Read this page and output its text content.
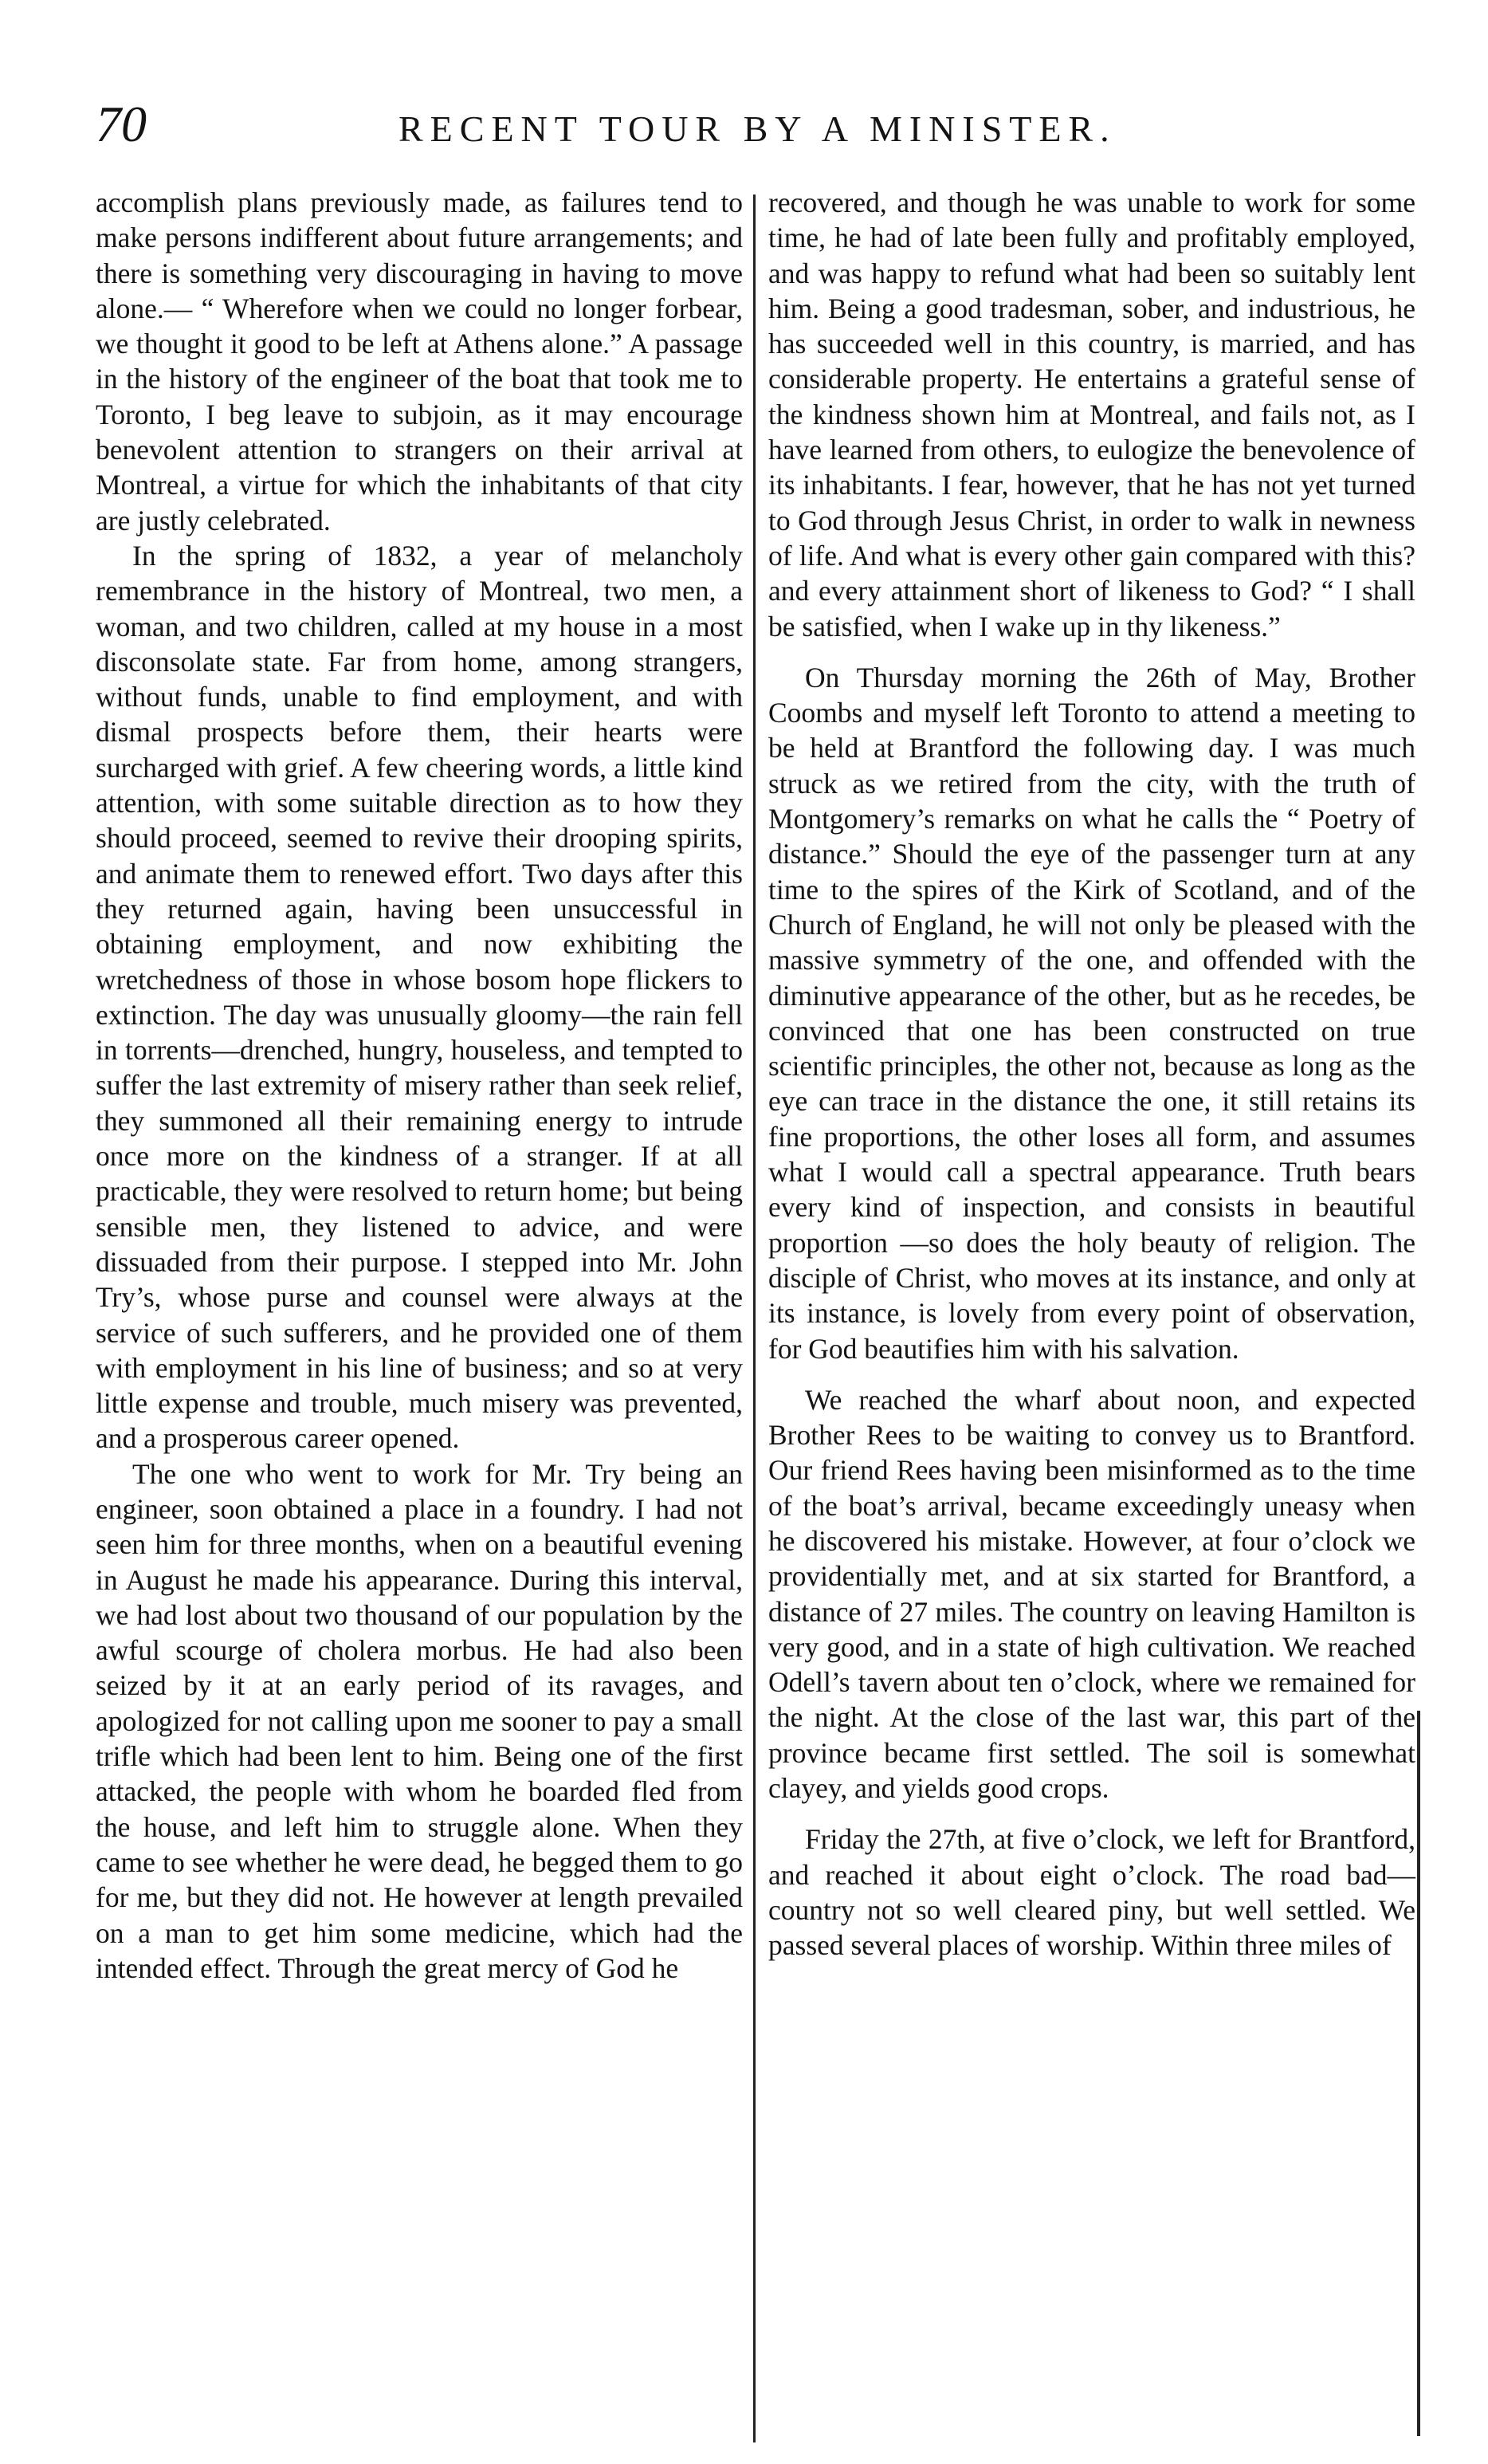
70	RECENT TOUR BY A MINISTER.

accomplish plans previously made, as failures tend to make persons indifferent about future arrangements; and there is something very discouraging in having to move alone.— “ Wherefore when we could no longer forbear, we thought it good to be left at Athens alone.” A passage in the history of the engineer of the boat that took me to Toronto, I beg leave to subjoin, as it may encourage benevolent attention to strangers on their arrival at Montreal, a virtue for which the inhabitants of that city are justly celebrated.

In the spring of 1832, a year of melancholy remembrance in the history of Montreal, two men, a woman, and two children, called at my house in a most disconsolate state. Far from home, among strangers, without funds, unable to find employment, and with dismal prospects before them, their hearts were surcharged with grief. A few cheering words, a little kind attention, with some suitable direction as to how they should proceed, seemed to revive their drooping spirits, and animate them to renewed effort. Two days after this they returned again, having been unsuccessful in obtaining employment, and now exhibiting the wretchedness of those in whose bosom hope flickers to extinction. The day was unusually gloomy—the rain fell in torrents—drenched, hungry, houseless, and tempted to suffer the last extremity of misery rather than seek relief, they summoned all their remaining energy to intrude once more on the kindness of a stranger. If at all practicable, they were resolved to return home; but being sensible men, they listened to advice, and were dissuaded from their purpose. I stepped into Mr. John Try’s, whose purse and counsel were always at the service of such sufferers, and he provided one of them with employment in his line of business; and so at very little expense and trouble, much misery was prevented, and a prosperous career opened.

The one who went to work for Mr. Try being an engineer, soon obtained a place in a foundry. I had not seen him for three months, when on a beautiful evening in August he made his appearance. During this interval, we had lost about two thousand of our population by the awful scourge of cholera morbus. He had also been seized by it at an early period of its ravages, and apologized for not calling upon me sooner to pay a small trifle which had been lent to him. Being one of the first attacked, the people with whom he boarded fled from the house, and left him to struggle alone. When they came to see whether he were dead, he begged them to go for me, but they did not. He however at length prevailed on a man to get him some medicine, which had the intended effect. Through the great mercy of God he

recovered, and though he was unable to work for some time, he had of late been fully and profitably employed, and was happy to refund what had been so suitably lent him. Being a good tradesman, sober, and industrious, he has succeeded well in this country, is married, and has considerable property. He entertains a grateful sense of the kindness shown him at Montreal, and fails not, as I have learned from others, to eulogize the benevolence of its inhabitants. I fear, however, that he has not yet turned to God through Jesus Christ, in order to walk in newness of life. And what is every other gain compared with this? and every attainment short of likeness to God? “ I shall be satisfied, when I wake up in thy likeness.”

On Thursday morning the 26th of May, Brother Coombs and myself left Toronto to attend a meeting to be held at Brantford the following day. I was much struck as we retired from the city, with the truth of Montgomery’s remarks on what he calls the “ Poetry of distance.” Should the eye of the passenger turn at any time to the spires of the Kirk of Scotland, and of the Church of England, he will not only be pleased with the massive symmetry of the one, and offended with the diminutive appearance of the other, but as he recedes, be convinced that one has been constructed on true scientific principles, the other not, because as long as the eye can trace in the distance the one, it still retains its fine proportions, the other loses all form, and assumes what I would call a spectral appearance. Truth bears every kind of inspection, and consists in beautiful proportion —so does the holy beauty of religion. The disciple of Christ, who moves at its instance, and only at its instance, is lovely from every point of observation, for God beautifies him with his salvation.

We reached the wharf about noon, and expected Brother Rees to be waiting to convey us to Brantford. Our friend Rees having been misinformed as to the time of the boat’s arrival, became exceedingly uneasy when he discovered his mistake. However, at four o’clock we providentially met, and at six started for Brantford, a distance of 27 miles. The country on leaving Hamilton is very good, and in a state of high cultivation. We reached Odell’s tavern about ten o’clock, where we remained for the night. At the close of the last war, this part of the province became first settled. The soil is somewhat clayey, and yields good crops.

Friday the 27th, at five o’clock, we left for Brantford, and reached it about eight o’clock. The road bad—country not so well cleared piny, but well settled. We passed several places of worship. Within three miles of
